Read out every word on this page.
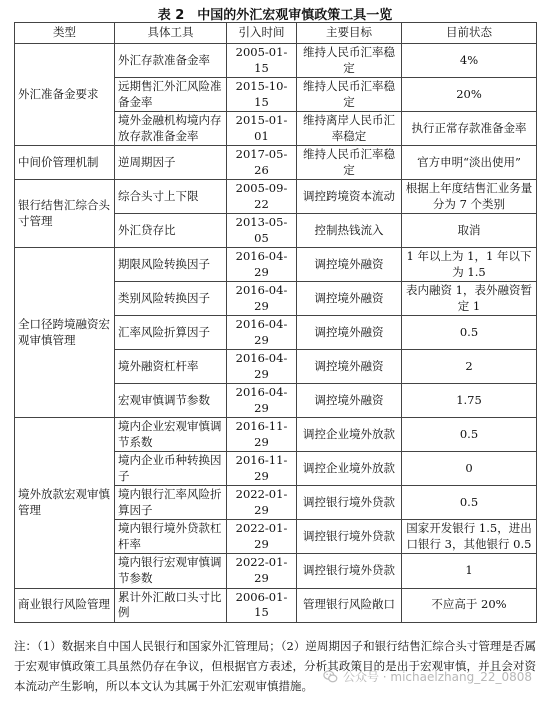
表 2　中国的外汇宏观审慎政策工具一览
类型	具体工具	引入时间	主要目标	目前状态
外汇准备金要求	外汇存款准备金率	2005-01-15	维持人民币汇率稳定	4%
	远期售汇外汇风险准备金率	2015-10-15	维持人民币汇率稳定	20%
	境外金融机构境内存放存款准备金率	2015-01-01	维持离岸人民币汇率稳定	执行正常存款准备金率
中间价管理机制	逆周期因子	2017-05-26	维持人民币汇率稳定	官方申明“淡出使用”
银行结售汇综合头寸管理	综合头寸上下限	2005-09-22	调控跨境资本流动	根据上年度结售汇业务量分为 7 个类别
	外汇贷存比	2013-05-05	控制热钱流入	取消
全口径跨境融资宏观审慎管理	期限风险转换因子	2016-04-29	调控境外融资	1 年以上为 1，1 年以下为 1.5
	类别风险转换因子	2016-04-29	调控境外融资	表内融资 1，表外融资暂定 1
	汇率风险折算因子	2016-04-29	调控境外融资	0.5
	境外融资杠杆率	2016-04-29	调控境外融资	2
	宏观审慎调节参数	2016-04-29	调控境外融资	1.75
境外放款宏观审慎管理	境内企业宏观审慎调节系数	2016-11-29	调控企业境外放款	0.5
	境内企业币种转换因子	2016-11-29	调控企业境外放款	0
	境内银行汇率风险折算因子	2022-01-29	调控银行境外贷款	0.5
	境内银行境外贷款杠杆率	2022-01-29	调控银行境外贷款	国家开发银行 1.5，进出口银行 3，其他银行 0.5
	境内银行宏观审慎调节参数	2022-01-29	调控银行境外贷款	1
商业银行风险管理	累计外汇敞口头寸比例	2006-01-15	管理银行风险敞口	不应高于 20%
注：（1）数据来自中国人民银行和国家外汇管理局；（2）逆周期因子和银行结售汇综合头寸管理是否属于宏观审慎政策工具虽然仍存在争议，但根据官方表述，分析其政策目的是出于宏观审慎，并且会对资本流动产生影响，所以本文认为其属于外汇宏观审慎措施。
公众号 · michaelzhang_22_0808
